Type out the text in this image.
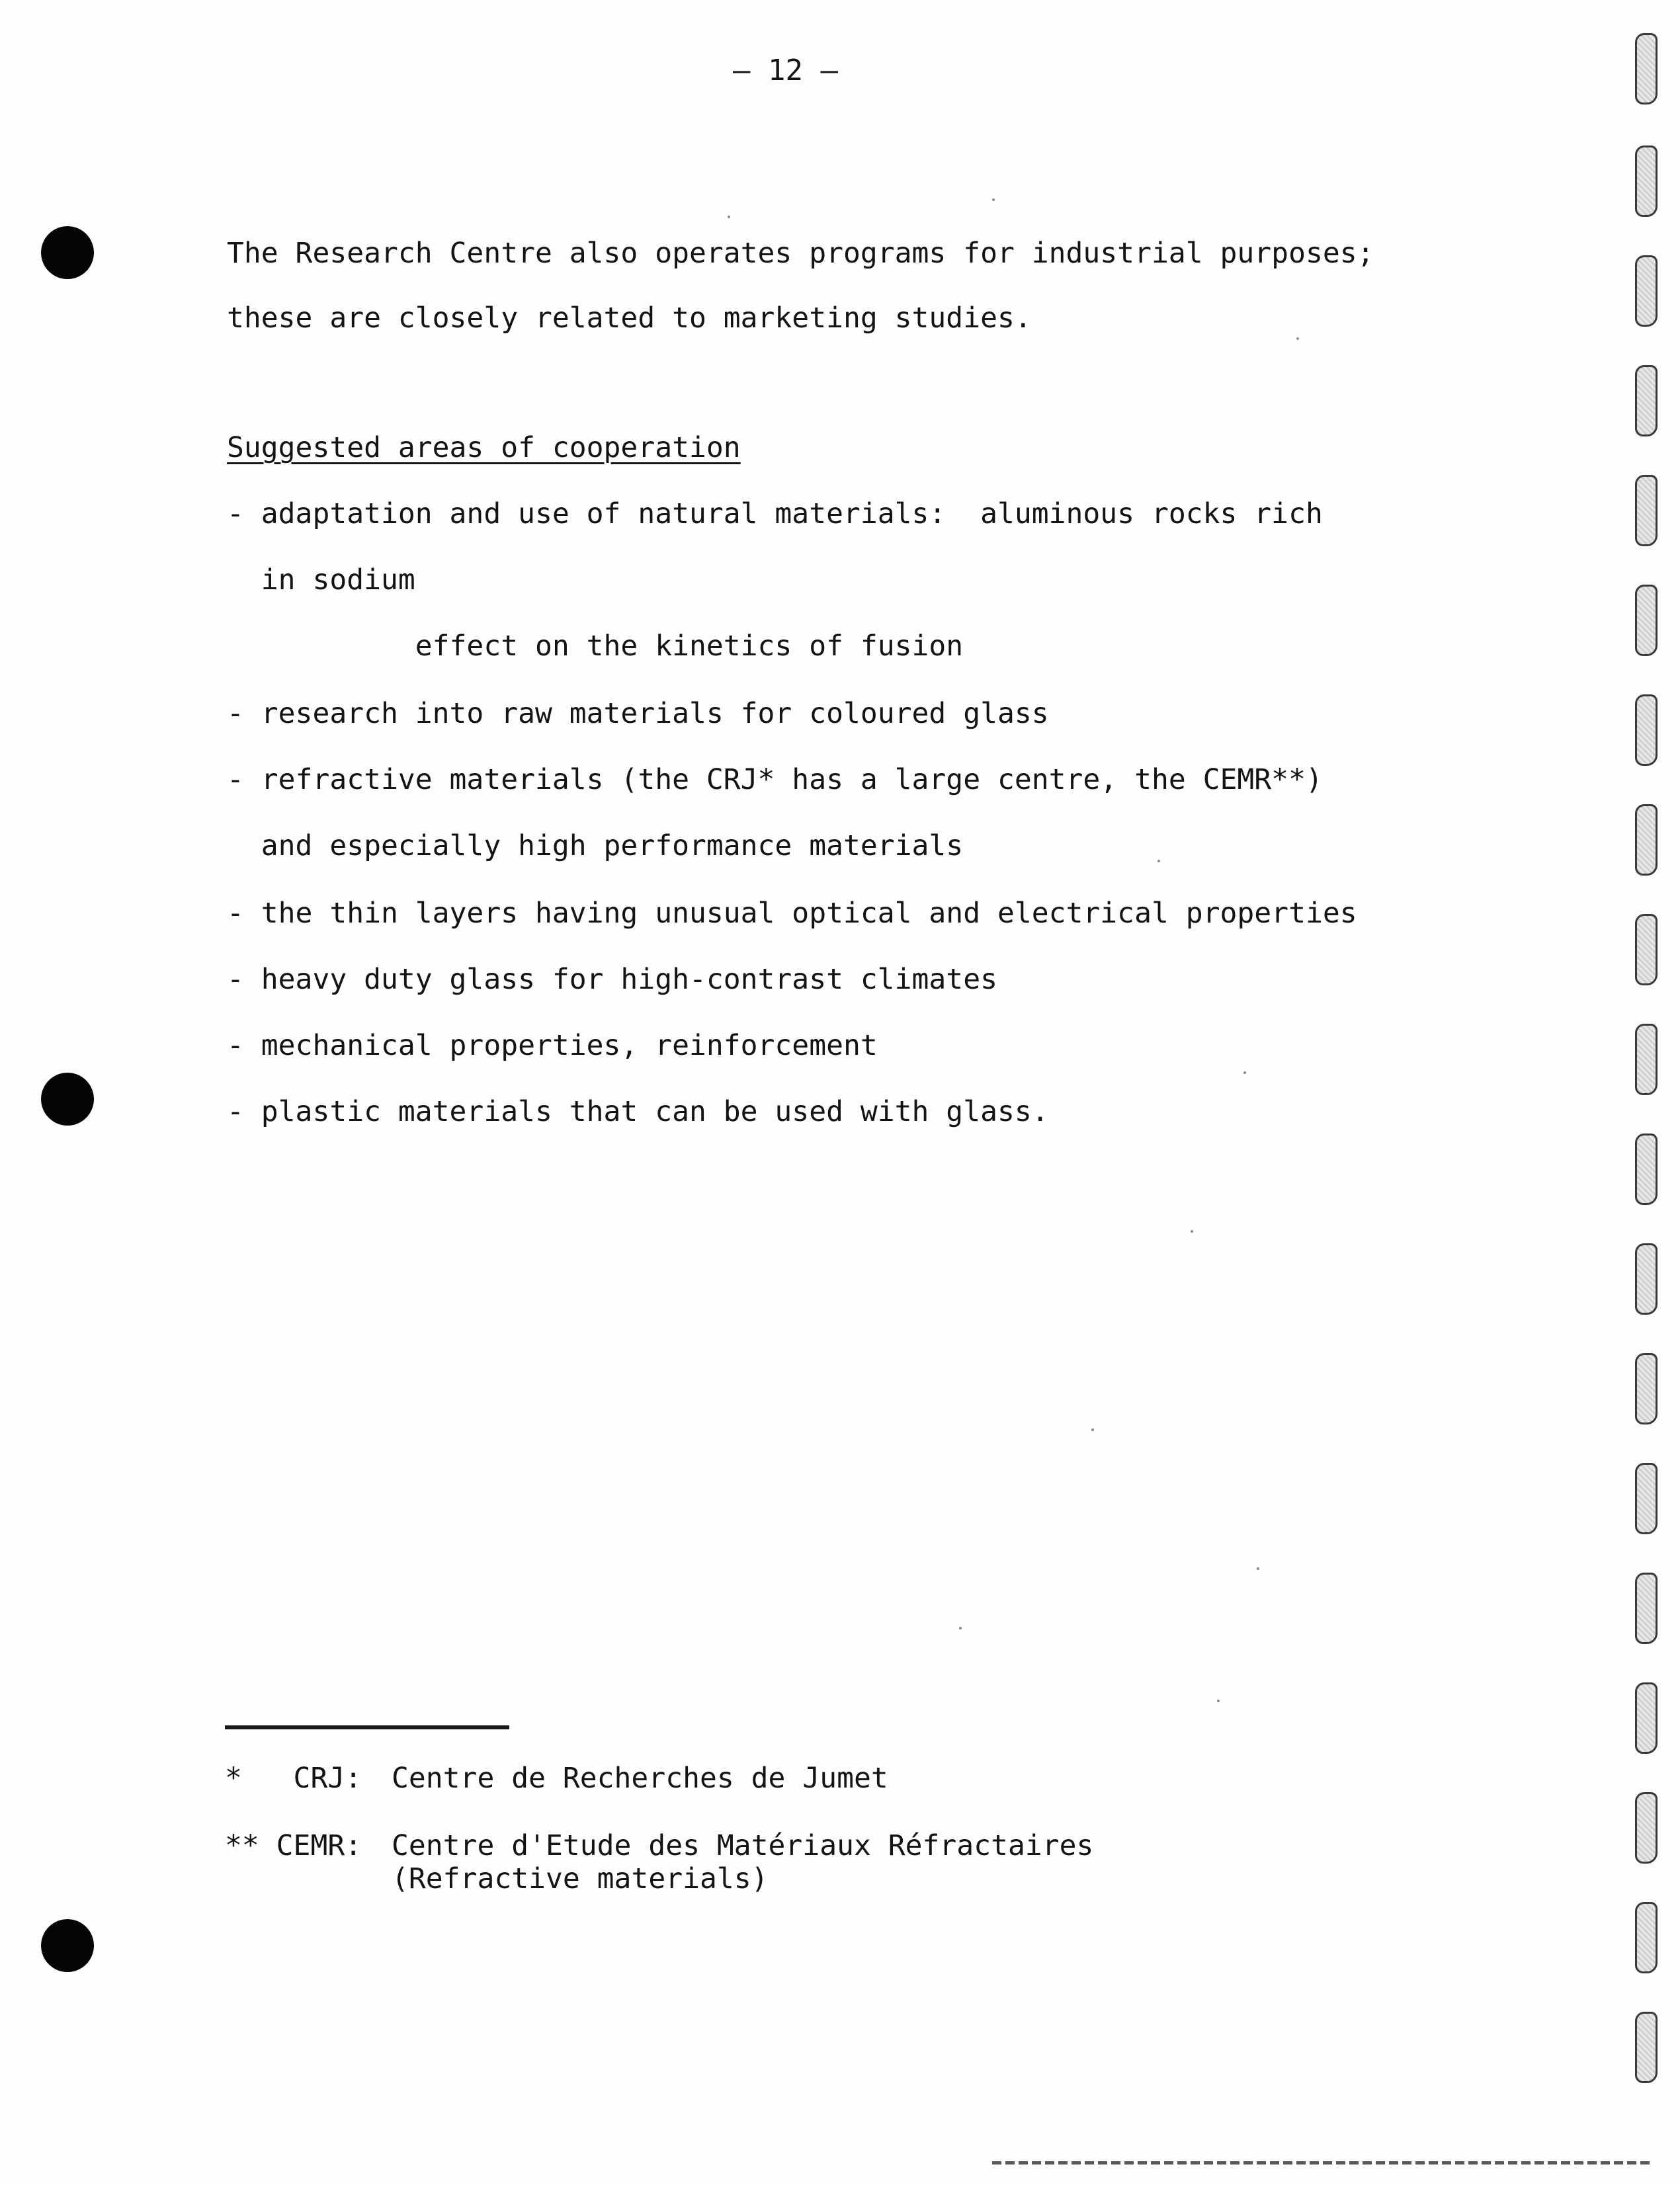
– 12 –
The Research Centre also operates programs for industrial purposes;
these are closely related to marketing studies.
Suggested areas of cooperation
- adaptation and use of natural materials:  aluminous rocks rich
in sodium
effect on the kinetics of fusion
- research into raw materials for coloured glass
- refractive materials (the CRJ* has a large centre, the CEMR**)
and especially high performance materials
- the thin layers having unusual optical and electrical properties
- heavy duty glass for high-contrast climates
- mechanical properties, reinforcement
- plastic materials that can be used with glass.
*   CRJ: Centre de Recherches de Jumet
** CEMR: Centre d'Etude des Matériaux Réfractaires
(Refractive materials)
